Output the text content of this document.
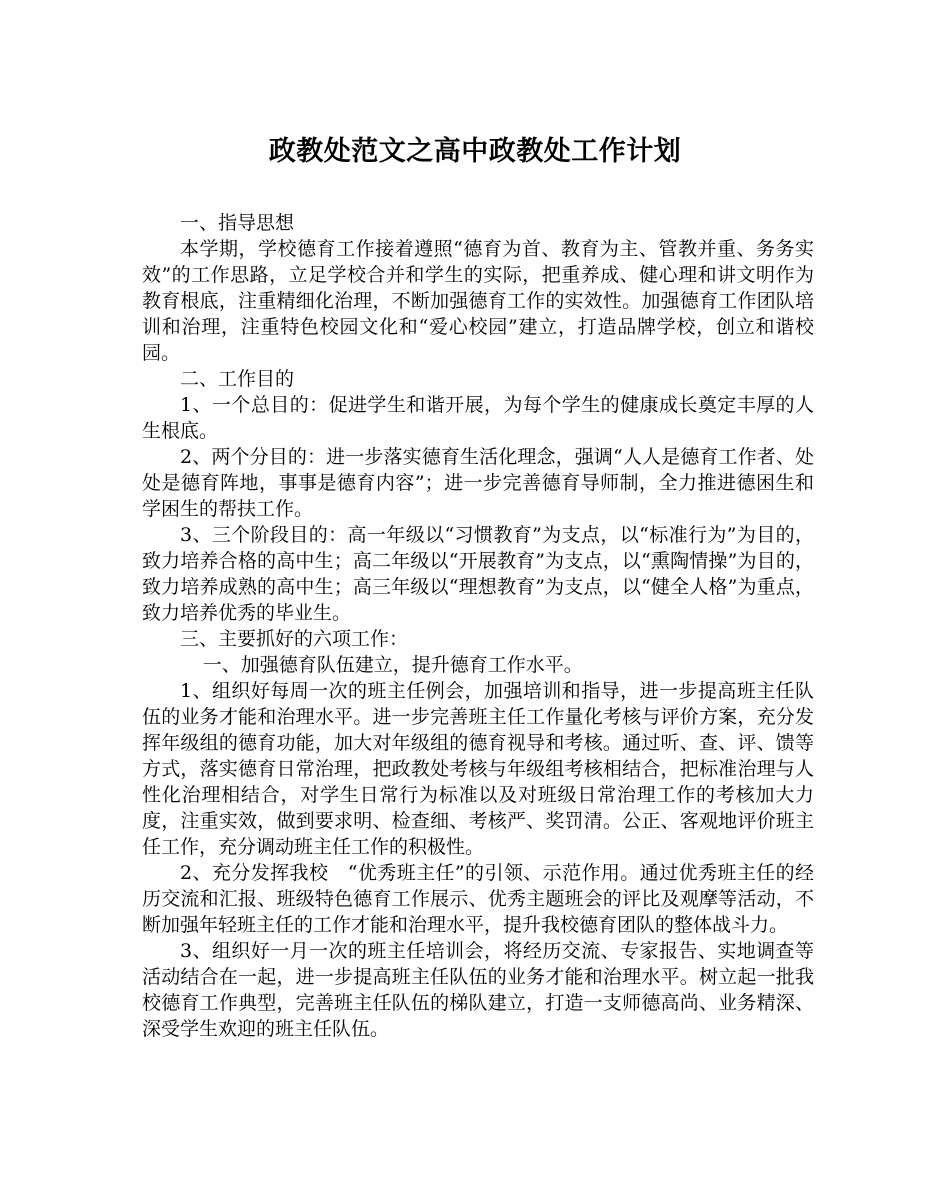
政教处范文之高中政教处工作计划

一、指导思想

本学期，学校德育工作接着遵照“德育为首、教育为主、管教并重、务务实效”的工作思路，立足学校合并和学生的实际，把重养成、健心理和讲文明作为教育根底，注重精细化治理，不断加强德育工作的实效性。加强德育工作团队培训和治理，注重特色校园文化和“爱心校园”建立，打造品牌学校，创立和谐校园。

二、工作目的

1、一个总目的：促进学生和谐开展，为每个学生的健康成长奠定丰厚的人生根底。

2、两个分目的：进一步落实德育生活化理念，强调“人人是德育工作者、处处是德育阵地，事事是德育内容”；进一步完善德育导师制，全力推进德困生和学困生的帮扶工作。

3、三个阶段目的：高一年级以“习惯教育”为支点，以“标准行为”为目的，致力培养合格的高中生；高二年级以“开展教育”为支点，以“熏陶情操”为目的，致力培养成熟的高中生；高三年级以“理想教育”为支点，以“健全人格”为重点，致力培养优秀的毕业生。

三、主要抓好的六项工作：

一、加强德育队伍建立，提升德育工作水平。

1、组织好每周一次的班主任例会，加强培训和指导，进一步提高班主任队伍的业务才能和治理水平。进一步完善班主任工作量化考核与评价方案，充分发挥年级组的德育功能，加大对年级组的德育视导和考核。通过听、查、评、馈等方式，落实德育日常治理，把政教处考核与年级组考核相结合，把标准治理与人性化治理相结合，对学生日常行为标准以及对班级日常治理工作的考核加大力度，注重实效，做到要求明、检查细、考核严、奖罚清。公正、客观地评价班主任工作，充分调动班主任工作的积极性。

2、充分发挥我校　“优秀班主任”的引领、示范作用。通过优秀班主任的经历交流和汇报、班级特色德育工作展示、优秀主题班会的评比及观摩等活动，不断加强年轻班主任的工作才能和治理水平，提升我校德育团队的整体战斗力。

3、组织好一月一次的班主任培训会，将经历交流、专家报告、实地调查等活动结合在一起，进一步提高班主任队伍的业务才能和治理水平。树立起一批我校德育工作典型，完善班主任队伍的梯队建立，打造一支师德高尚、业务精深、深受学生欢迎的班主任队伍。
